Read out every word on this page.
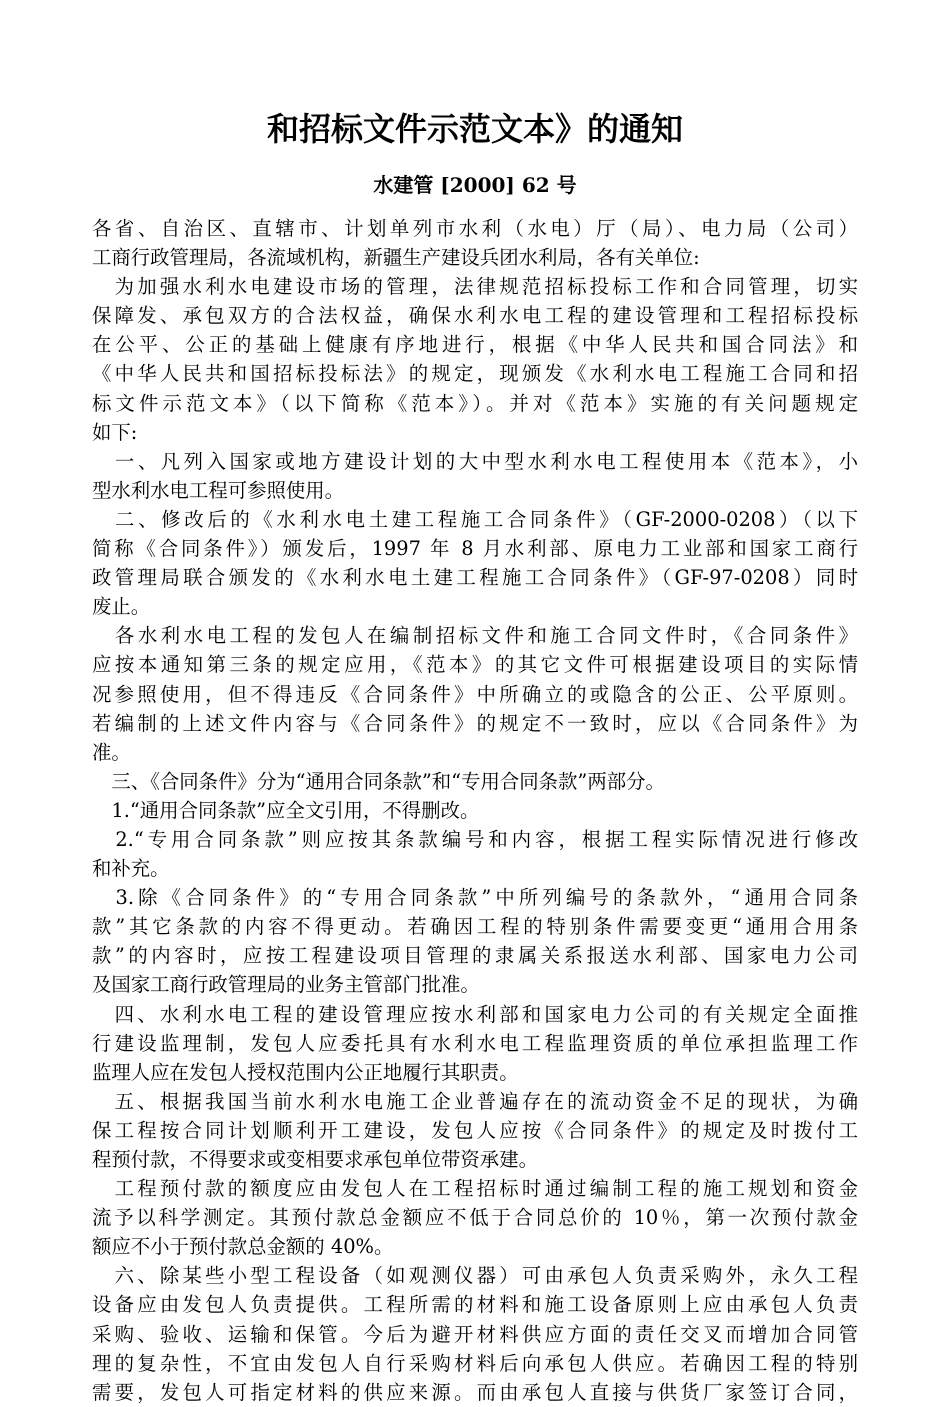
和招标文件示范文本》的通知
水建管 [2000] 62 号
各省、自治区、直辖市、计划单列市水利（水电）厅（局）、电力局（公司）
工商行政管理局，各流域机构，新疆生产建设兵团水利局，各有关单位:
　为加强水利水电建设市场的管理，法律规范招标投标工作和合同管理，切实
保障发、承包双方的合法权益，确保水利水电工程的建设管理和工程招标投标
在公平、公正的基础上健康有序地进行，根据《中华人民共和国合同法》和
《中华人民共和国招标投标法》的规定，现颁发《水利水电工程施工合同和招
标文件示范文本》（以下简称《范本》）。并对《范本》实施的有关问题规定
如下:
　一、凡列入国家或地方建设计划的大中型水利水电工程使用本《范本》，小
型水利水电工程可参照使用。
　二、修改后的《水利水电土建工程施工合同条件》（GF-2000-0208）（以下
简称《合同条件》）颁发后，1997 年 8 月水利部、原电力工业部和国家工商行
政管理局联合颁发的《水利水电土建工程施工合同条件》（GF-97-0208）同时
废止。
　各水利水电工程的发包人在编制招标文件和施工合同文件时，《合同条件》
应按本通知第三条的规定应用，《范本》的其它文件可根据建设项目的实际情
况参照使用，但不得违反《合同条件》中所确立的或隐含的公正、公平原则。
若编制的上述文件内容与《合同条件》的规定不一致时，应以《合同条件》为
准。
　三、《合同条件》分为“通用合同条款”和“专用合同条款”两部分。
　1.“通用合同条款”应全文引用，不得删改。
　2.“专用合同条款”则应按其条款编号和内容，根据工程实际情况进行修改
和补充。
　3.除《合同条件》的“专用合同条款”中所列编号的条款外，“通用合同条
款”其它条款的内容不得更动。若确因工程的特别条件需要变更“通用合用条
款”的内容时，应按工程建设项目管理的隶属关系报送水利部、国家电力公司
及国家工商行政管理局的业务主管部门批准。
　四、水利水电工程的建设管理应按水利部和国家电力公司的有关规定全面推
行建设监理制，发包人应委托具有水利水电工程监理资质的单位承担监理工作
监理人应在发包人授权范围内公正地履行其职责。
　五、根据我国当前水利水电施工企业普遍存在的流动资金不足的现状，为确
保工程按合同计划顺利开工建设，发包人应按《合同条件》的规定及时拨付工
程预付款，不得要求或变相要求承包单位带资承建。
　工程预付款的额度应由发包人在工程招标时通过编制工程的施工规划和资金
流予以科学测定。其预付款总金额应不低于合同总价的 10％，第一次预付款金
额应不小于预付款总金额的 40%。
　六、除某些小型工程设备（如观测仪器）可由承包人负责采购外，永久工程
设备应由发包人负责提供。工程所需的材料和施工设备原则上应由承包人负责
采购、验收、运输和保管。今后为避开材料供应方面的责任交叉而增加合同管
理的复杂性，不宜由发包人自行采购材料后向承包人供应。若确因工程的特别
需要，发包人可指定材料的供应来源。而由承包人直接与供货厂家签订合同，
